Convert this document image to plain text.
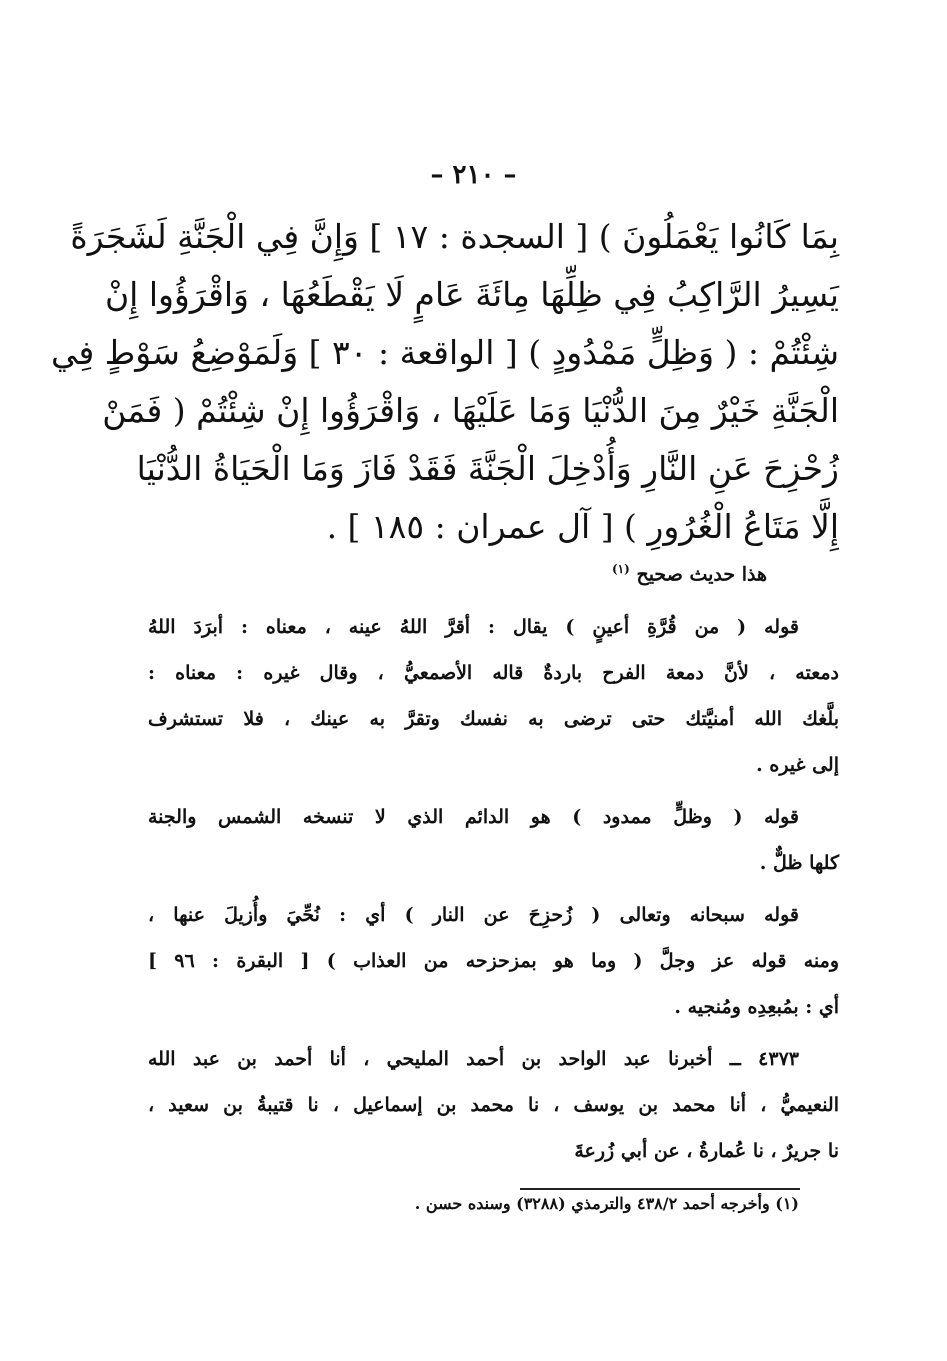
– ٢١٠ –
بِمَا كَانُوا يَعْمَلُونَ ) [ السجدة : ١٧ ] وَإِنَّ فِي الْجَنَّةِ لَشَجَرَةً
يَسِيرُ الرَّاكِبُ فِي ظِلِّهَا مِائَةَ عَامٍ لَا يَقْطَعُهَا ، وَاقْرَؤُوا إِنْ
شِئْتُمْ : ( وَظِلٍّ مَمْدُودٍ ) [ الواقعة : ٣٠ ] وَلَمَوْضِعُ سَوْطٍ فِي
الْجَنَّةِ خَيْرٌ مِنَ الدُّنْيَا وَمَا عَلَيْهَا ، وَاقْرَؤُوا إِنْ شِئْتُمْ ( فَمَنْ
زُحْزِحَ عَنِ النَّارِ وَأُدْخِلَ الْجَنَّةَ فَقَدْ فَازَ وَمَا الْحَيَاةُ الدُّنْيَا
إِلَّا مَتَاعُ الْغُرُورِ ) [ آل عمران : ١٨٥ ] .
هذا حديث صحيح $^{(١)}$
قوله ( من قُرَّةِ أعينٍ ) يقال : أقرَّ اللهُ عينه ، معناه : أبرَدَ اللهُ
دمعته ، لأنَّ دمعة الفرح باردةٌ قاله الأصمعيُّ ، وقال غيره : معناه :
بلَّغك الله أمنيَّتك حتى ترضى به نفسك وتقرَّ به عينك ، فلا تستشرف
إلى غيره .
قوله ( وظلٍّ ممدود ) هو الدائم الذي لا تنسخه الشمس والجنة
كلها ظلٌّ .
قوله سبحانه وتعالى ( زُحزِحَ عن النار ) أي : نُحِّيَ وأُزيلَ عنها ،
ومنه قوله عز وجلَّ ( وما هو بمزحزحه من العذاب ) [ البقرة : ٩٦ ]
أي : بمُبعِدِه ومُنجيه .
٤٣٧٣ ــ أخبرنا عبد الواحد بن أحمد المليحي ، أنا أحمد بن عبد الله
النعيميُّ ، أنا محمد بن يوسف ، نا محمد بن إسماعيل ، نا قتيبةُ بن سعيد ،
نا جريرٌ ، نا عُمارةُ ، عن أبي زُرعةَ
(١) وأخرجه أحمد ٤٣٨/٢ والترمذي (٣٢٨٨) وسنده حسن .
